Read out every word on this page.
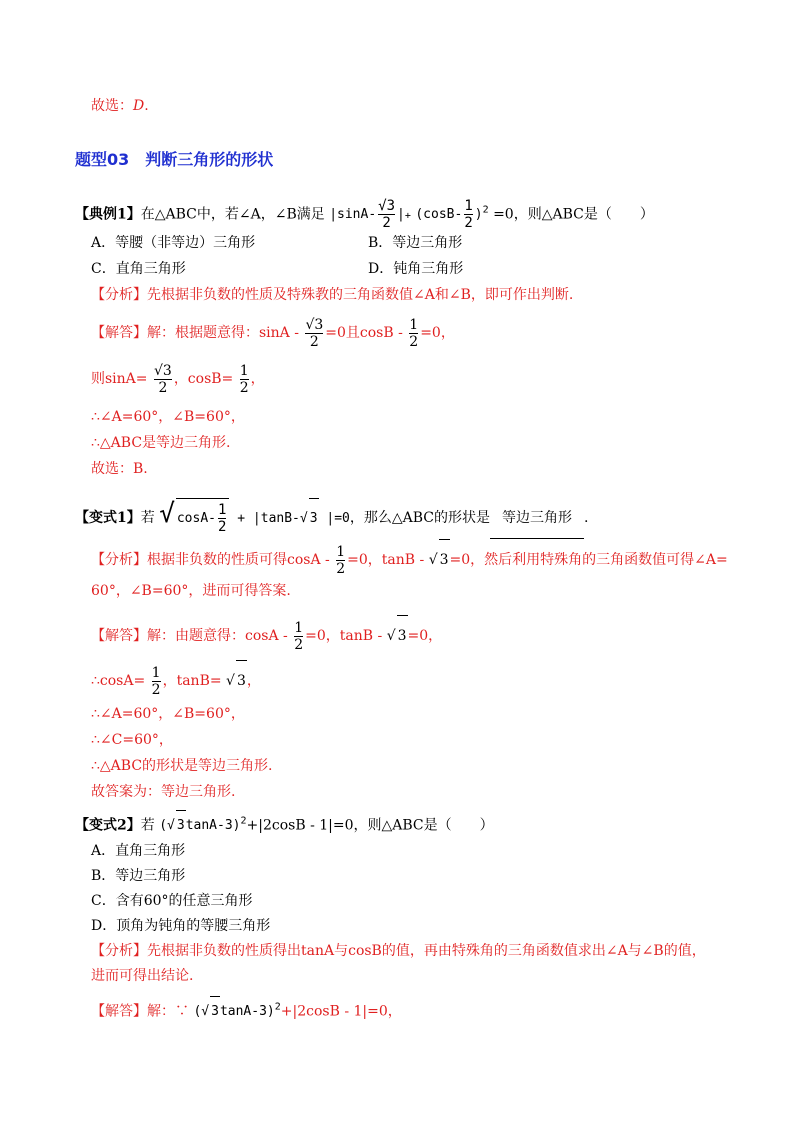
故选：D.
题型03　判断三角形的形状
【典例1】在△ABC中，若∠A，∠B满足 $|\sin A- \frac{√3}{2}$ |+ $(\cos B- \frac{1}{2} )^2 =0$，则△ABC是（　　）
A．等腰（非等边）三角形	B．等边三角形
C．直角三角形	D．钝角三角形
【分析】先根据非负数的性质及特殊教的三角函数值∠A和∠B，即可作出判断.
【解答】解：根据题意得：$\sin A - \frac{√3}{2} =0$且$\cos B - \frac{1}{2} =0$，
则$\sin A= \frac{√3}{2}$ ，$\cos B= \frac{1}{2}$ ，
∴∠A=60°，∠B=60°，
∴△ABC是等边三角形.
故选：B.
【变式1】若 √ $\cos A- \frac{1}{2} + |\tan B-√$ 3 |=0，那么△ABC的形状是 等边三角形 .
【分析】根据非负数的性质可得$\cos A - \frac{1}{2} =0$，tanB - √ 3=0，然后利用特殊角的三角函数值可得∠A=
60°，∠B=60°，进而可得答案.
【解答】解：由题意得：$\cos A - \frac{1}{2} =0$，tanB - √ 3=0，
∴cosA= $\frac{1}{2}$ ，tanB= √ 3，
∴∠A=60°，∠B=60°，
∴∠C=60°，
∴△ABC的形状是等边三角形.
故答案为：等边三角形.
【变式2】若 (√ 3tanA-3)$^2$+|2cosB - 1|=0，则△ABC是（　　）
A．直角三角形
B．等边三角形
C．含有60°的任意三角形
D．顶角为钝角的等腰三角形
【分析】先根据非负数的性质得出tanA与cosB的值，再由特殊角的三角函数值求出∠A与∠B的值，
进而可得出结论.
【解答】解：∵ (√ 3tanA-3)$^2$+|2cosB - 1|=0，
